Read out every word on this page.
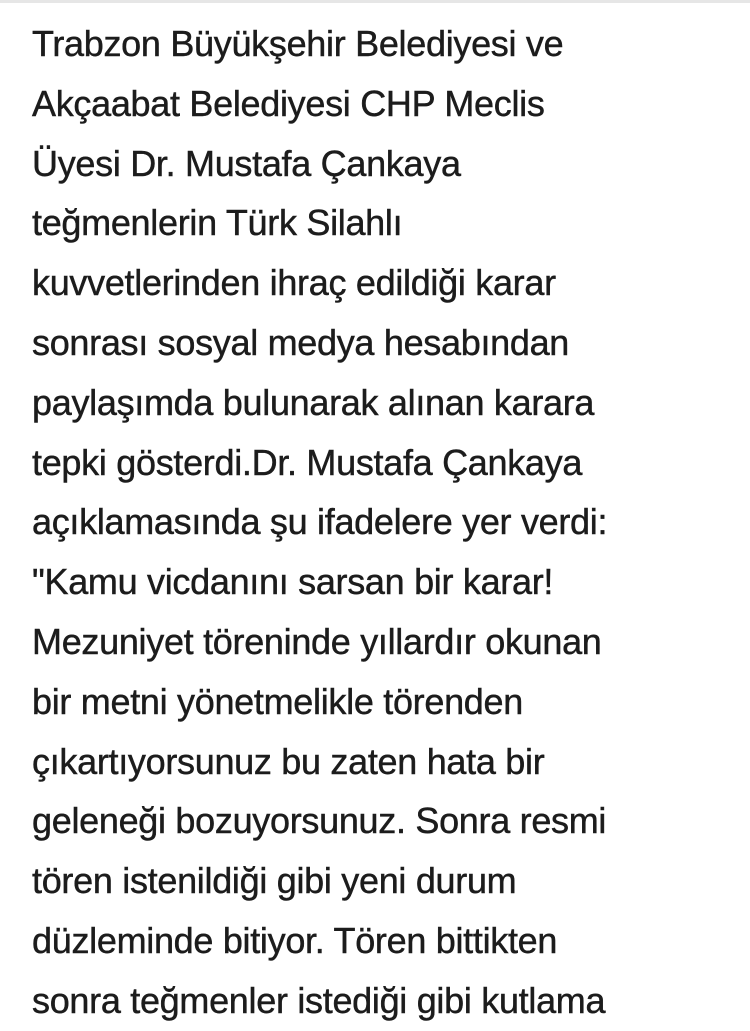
Trabzon Büyükşehir Belediyesi ve
Akçaabat Belediyesi CHP Meclis
Üyesi Dr. Mustafa Çankaya
teğmenlerin Türk Silahlı
kuvvetlerinden ihraç edildiği karar
sonrası sosyal medya hesabından
paylaşımda bulunarak alınan karara
tepki gösterdi.Dr. Mustafa Çankaya
açıklamasında şu ifadelere yer verdi:
"Kamu vicdanını sarsan bir karar!
Mezuniyet töreninde yıllardır okunan
bir metni yönetmelikle törenden
çıkartıyorsunuz bu zaten hata bir
geleneği bozuyorsunuz. Sonra resmi
tören istenildiği gibi yeni durum
düzleminde bitiyor. Tören bittikten
sonra teğmenler istediği gibi kutlama
